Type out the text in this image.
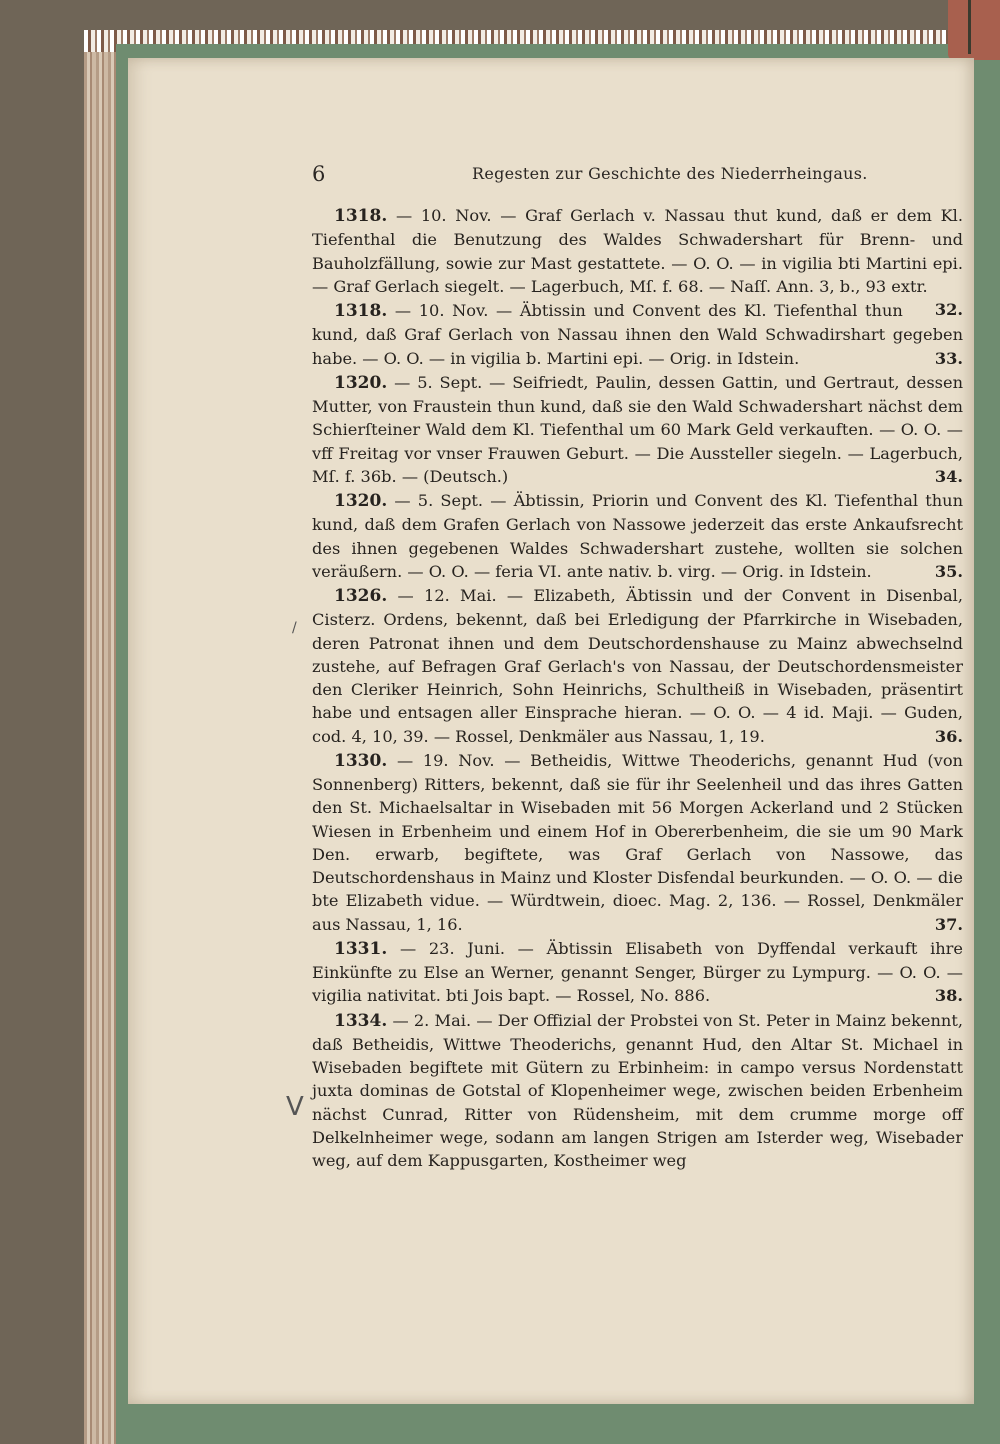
6	Regesten zur Geschichte des Niederrheingaus.

1318. — 10. Nov. — Graf Gerlach v. Nassau thut kund, daß er dem Kl. Tiefenthal die Benutzung des Waldes Schwadershart für Brenn- und Bauholzfällung, sowie zur Mast gestattete. — O. O. — in vigilia bti Martini epi. — Graf Gerlach siegelt. — Lagerbuch, Mſ. f. 68. — Naſſ. Ann. 3, b., 93 extr.
32.

1318. — 10. Nov. — Äbtissin und Convent des Kl. Tiefenthal thun kund, daß Graf Gerlach von Nassau ihnen den Wald Schwadirshart gegeben habe. — O. O. — in vigilia b. Martini epi. — Orig. in Idstein.	33.

1320. — 5. Sept. — Seifriedt, Paulin, dessen Gattin, und Gertraut, dessen Mutter, von Fraustein thun kund, daß sie den Wald Schwadershart nächst dem Schierſteiner Wald dem Kl. Tiefenthal um 60 Mark Geld verkauften. — O. O. — vff Freitag vor vnser Frauwen Geburt. — Die Aussteller siegeln. — Lagerbuch, Mſ. f. 36b. — (Deutsch.)	34.

1320. — 5. Sept. — Äbtissin, Priorin und Convent des Kl. Tiefenthal thun kund, daß dem Grafen Gerlach von Nassowe jederzeit das erste Ankaufsrecht des ihnen gegebenen Waldes Schwadershart zustehe, wollten sie solchen veräußern. — O. O. — feria VI. ante nativ. b. virg. — Orig. in Idstein.	35.

1326. — 12. Mai. — Elizabeth, Äbtissin und der Convent in Disenbal, Cisterz. Ordens, bekennt, daß bei Erledigung der Pfarrkirche in Wisebaden, deren Patronat ihnen und dem Deutschordenshause zu Mainz abwechselnd zustehe, auf Befragen Graf Gerlach's von Nassau, der Deutschordensmeister den Cleriker Heinrich, Sohn Heinrichs, Schultheiß in Wisebaden, präsentirt habe und entsagen aller Einsprache hieran. — O. O. — 4 id. Maji. — Guden, cod. 4, 10, 39. — Rossel, Denkmäler aus Nassau, 1, 19.	36.

1330. — 19. Nov. — Betheidis, Wittwe Theoderichs, genannt Hud (von Sonnenberg) Ritters, bekennt, daß sie für ihr Seelenheil und das ihres Gatten den St. Michaelsaltar in Wisebaden mit 56 Morgen Ackerland und 2 Stücken Wiesen in Erbenheim und einem Hof in Obererbenheim, die sie um 90 Mark Den. erwarb, begiftete, was Graf Gerlach von Nassowe, das Deutschordenshaus in Mainz und Kloster Disfendal beurkunden. — O. O. — die bte Elizabeth vidue. — Würdtwein, dioec. Mag. 2, 136. — Rossel, Denkmäler aus Nassau, 1, 16.	37.

1331. — 23. Juni. — Äbtissin Elisabeth von Dyffendal verkauft ihre Einkünfte zu Else an Werner, genannt Senger, Bürger zu Lympurg. — O. O. — vigilia nativitat. bti Jois bapt. — Rossel, No. 886.	38.

1334. — 2. Mai. — Der Offizial der Probstei von St. Peter in Mainz bekennt, daß Betheidis, Wittwe Theoderichs, genannt Hud, den Altar St. Michael in Wisebaden begiftete mit Gütern zu Erbinheim: in campo versus Nordenstatt juxta dominas de Gotstal of Klopenheimer wege, zwischen beiden Erbenheim nächst Cunrad, Ritter von Rüdensheim, mit dem crumme morge off Delkelnheimer wege, sodann am langen Strigen am Isterder weg, Wisebader weg, auf dem Kappusgarten, Kostheimer weg

V
/
